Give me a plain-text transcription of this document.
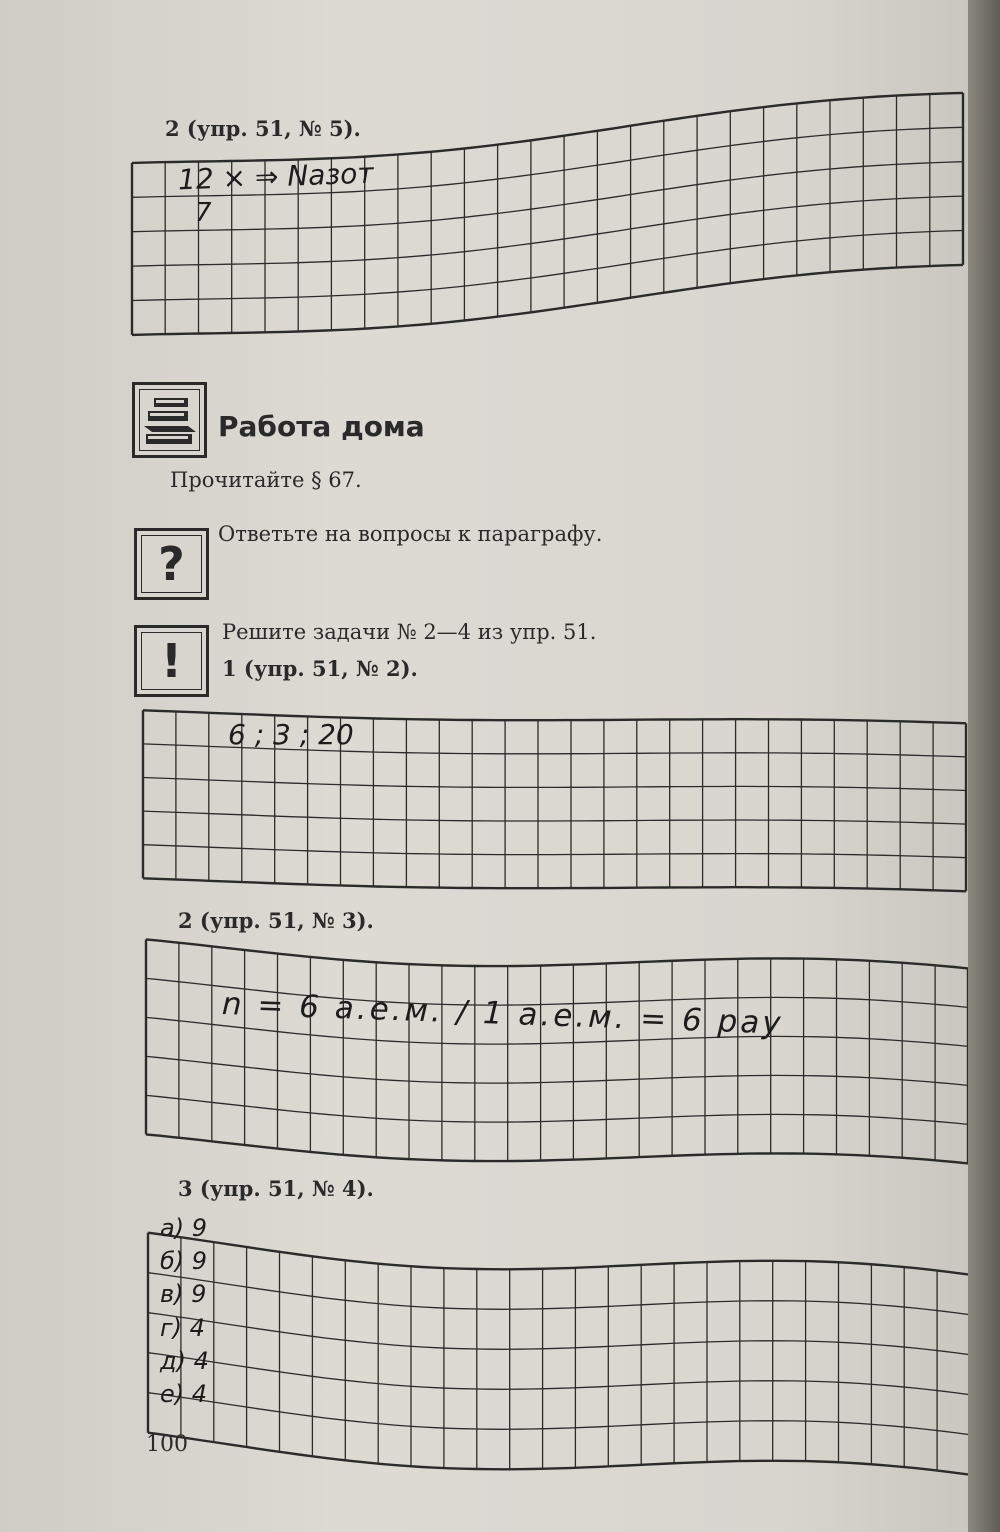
2 (упр. 51, № 5).
12 × ⇒ Nазот
7
Работа дома
Прочитайте § 67.
?
Ответьте на вопросы к параграфу.
!
Решите задачи № 2—4 из упр. 51.
1 (упр. 51, № 2).
6 ; 3 ; 20
2 (упр. 51, № 3).
n = 6 а.е.м. / 1 а.е.м. = 6 рау
3 (упр. 51, № 4).
а) 9
б) 9
в) 9
г) 4
д) 4
е) 4
100
